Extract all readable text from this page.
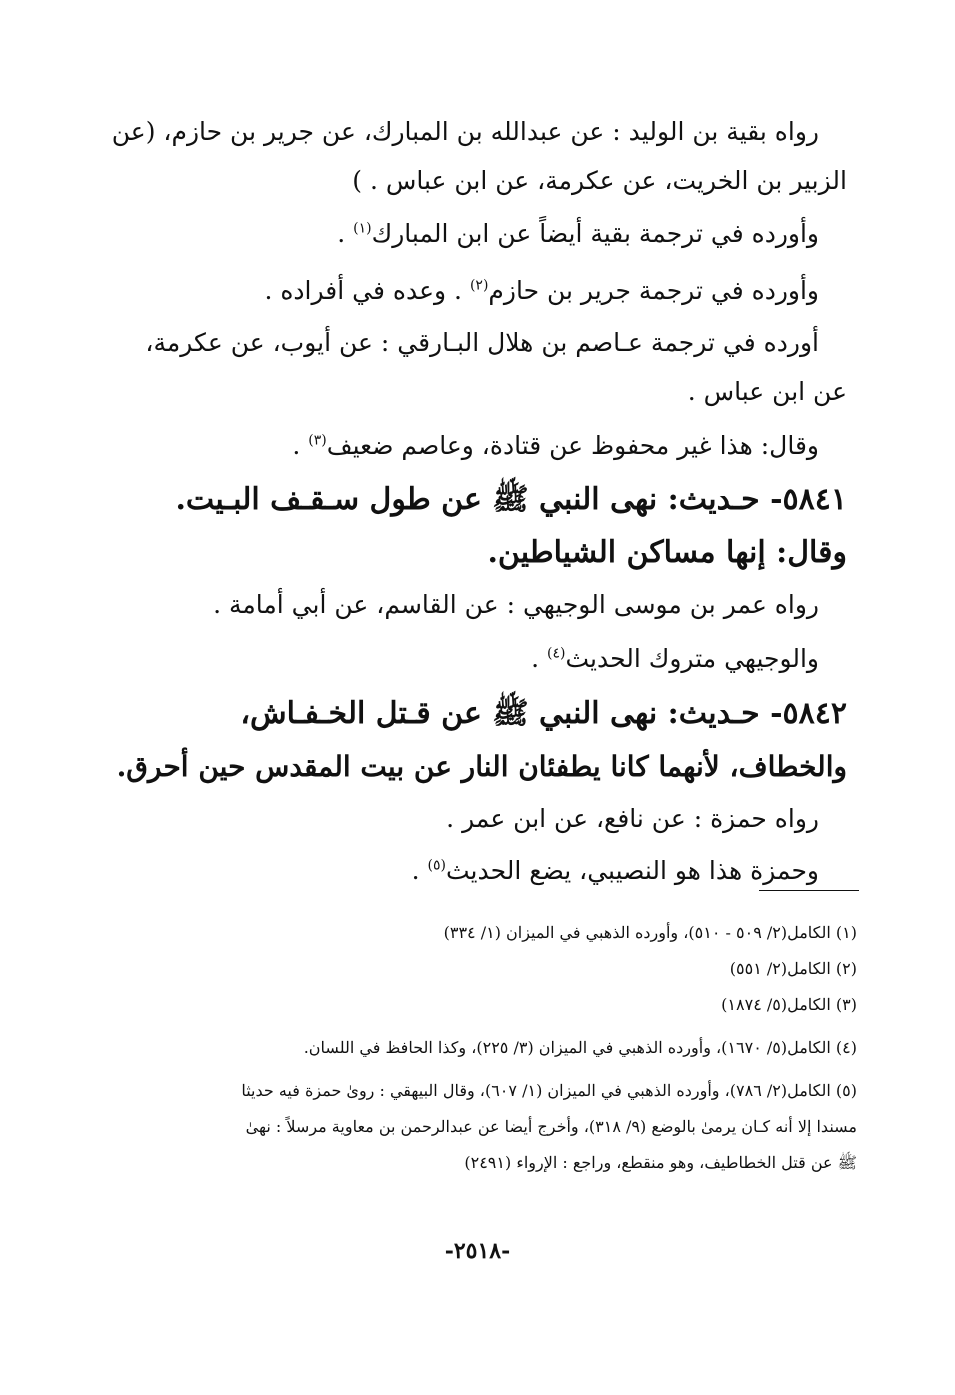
رواه بقية بن الوليد : عن عبدالله بن المبارك، عن جرير بن حازم، (عن
الزبير بن الخريت، عن عكرمة، عن ابن عباس . )
وأورده في ترجمة بقية أيضاً عن ابن المبارك$^{(١)}$ .
وأورده في ترجمة جرير بن حازم$^{(٢)}$ . وعده في أفراده .
أورده في ترجمة عـاصم بن هلال البـارقي : عن أيوب، عن عكرمة،
عن ابن عباس .
وقال: هذا غير محفوظ عن قتادة، وعاصم ضعيف$^{(٣)}$ .
٥٨٤١- حـديث: نهى النبي ﷺ عن طول سـقـف البـيت.
وقال: إنها مساكن الشياطين.
رواه عمر بن موسى الوجيهي : عن القاسم، عن أبي أمامة .
والوجيهي متروك الحديث$^{(٤)}$ .
٥٨٤٢- حـديث: نهى النبي ﷺ عن قـتل الخـفـاش،
والخطاف، لأنهما كانا يطفئان النار عن بيت المقدس حين أحرق.
رواه حمزة : عن نافع، عن ابن عمر .
وحمزة هذا هو النصيبي، يضع الحديث$^{(٥)}$ .
(١) الكامل(٢/ ٥٠٩ - ٥١٠)، وأورده الذهبي في الميزان (١/ ٣٣٤)
(٢) الكامل(٢/ ٥٥١)
(٣) الكامل(٥/ ١٨٧٤)
(٤) الكامل(٥/ ١٦٧٠)، وأورده الذهبي في الميزان (٣/ ٢٢٥)، وكذا الحافظ في اللسان.
(٥) الكامل(٢/ ٧٨٦)، وأورده الذهبي في الميزان (١/ ٦٠٧)، وقال البيهقي : روىٰ حمزة فيه حديثا
مسندا إلا أنه كـان يرمىٰ بالوضع (٩/ ٣١٨)، وأخرج أيضا عن عبدالرحمن بن معاوية مرسلاً : نهىٰ
ﷺ عن قتل الخطاطيف، وهو منقطع، وراجع : الإرواء (٢٤٩١)
-٢٥١٨-
